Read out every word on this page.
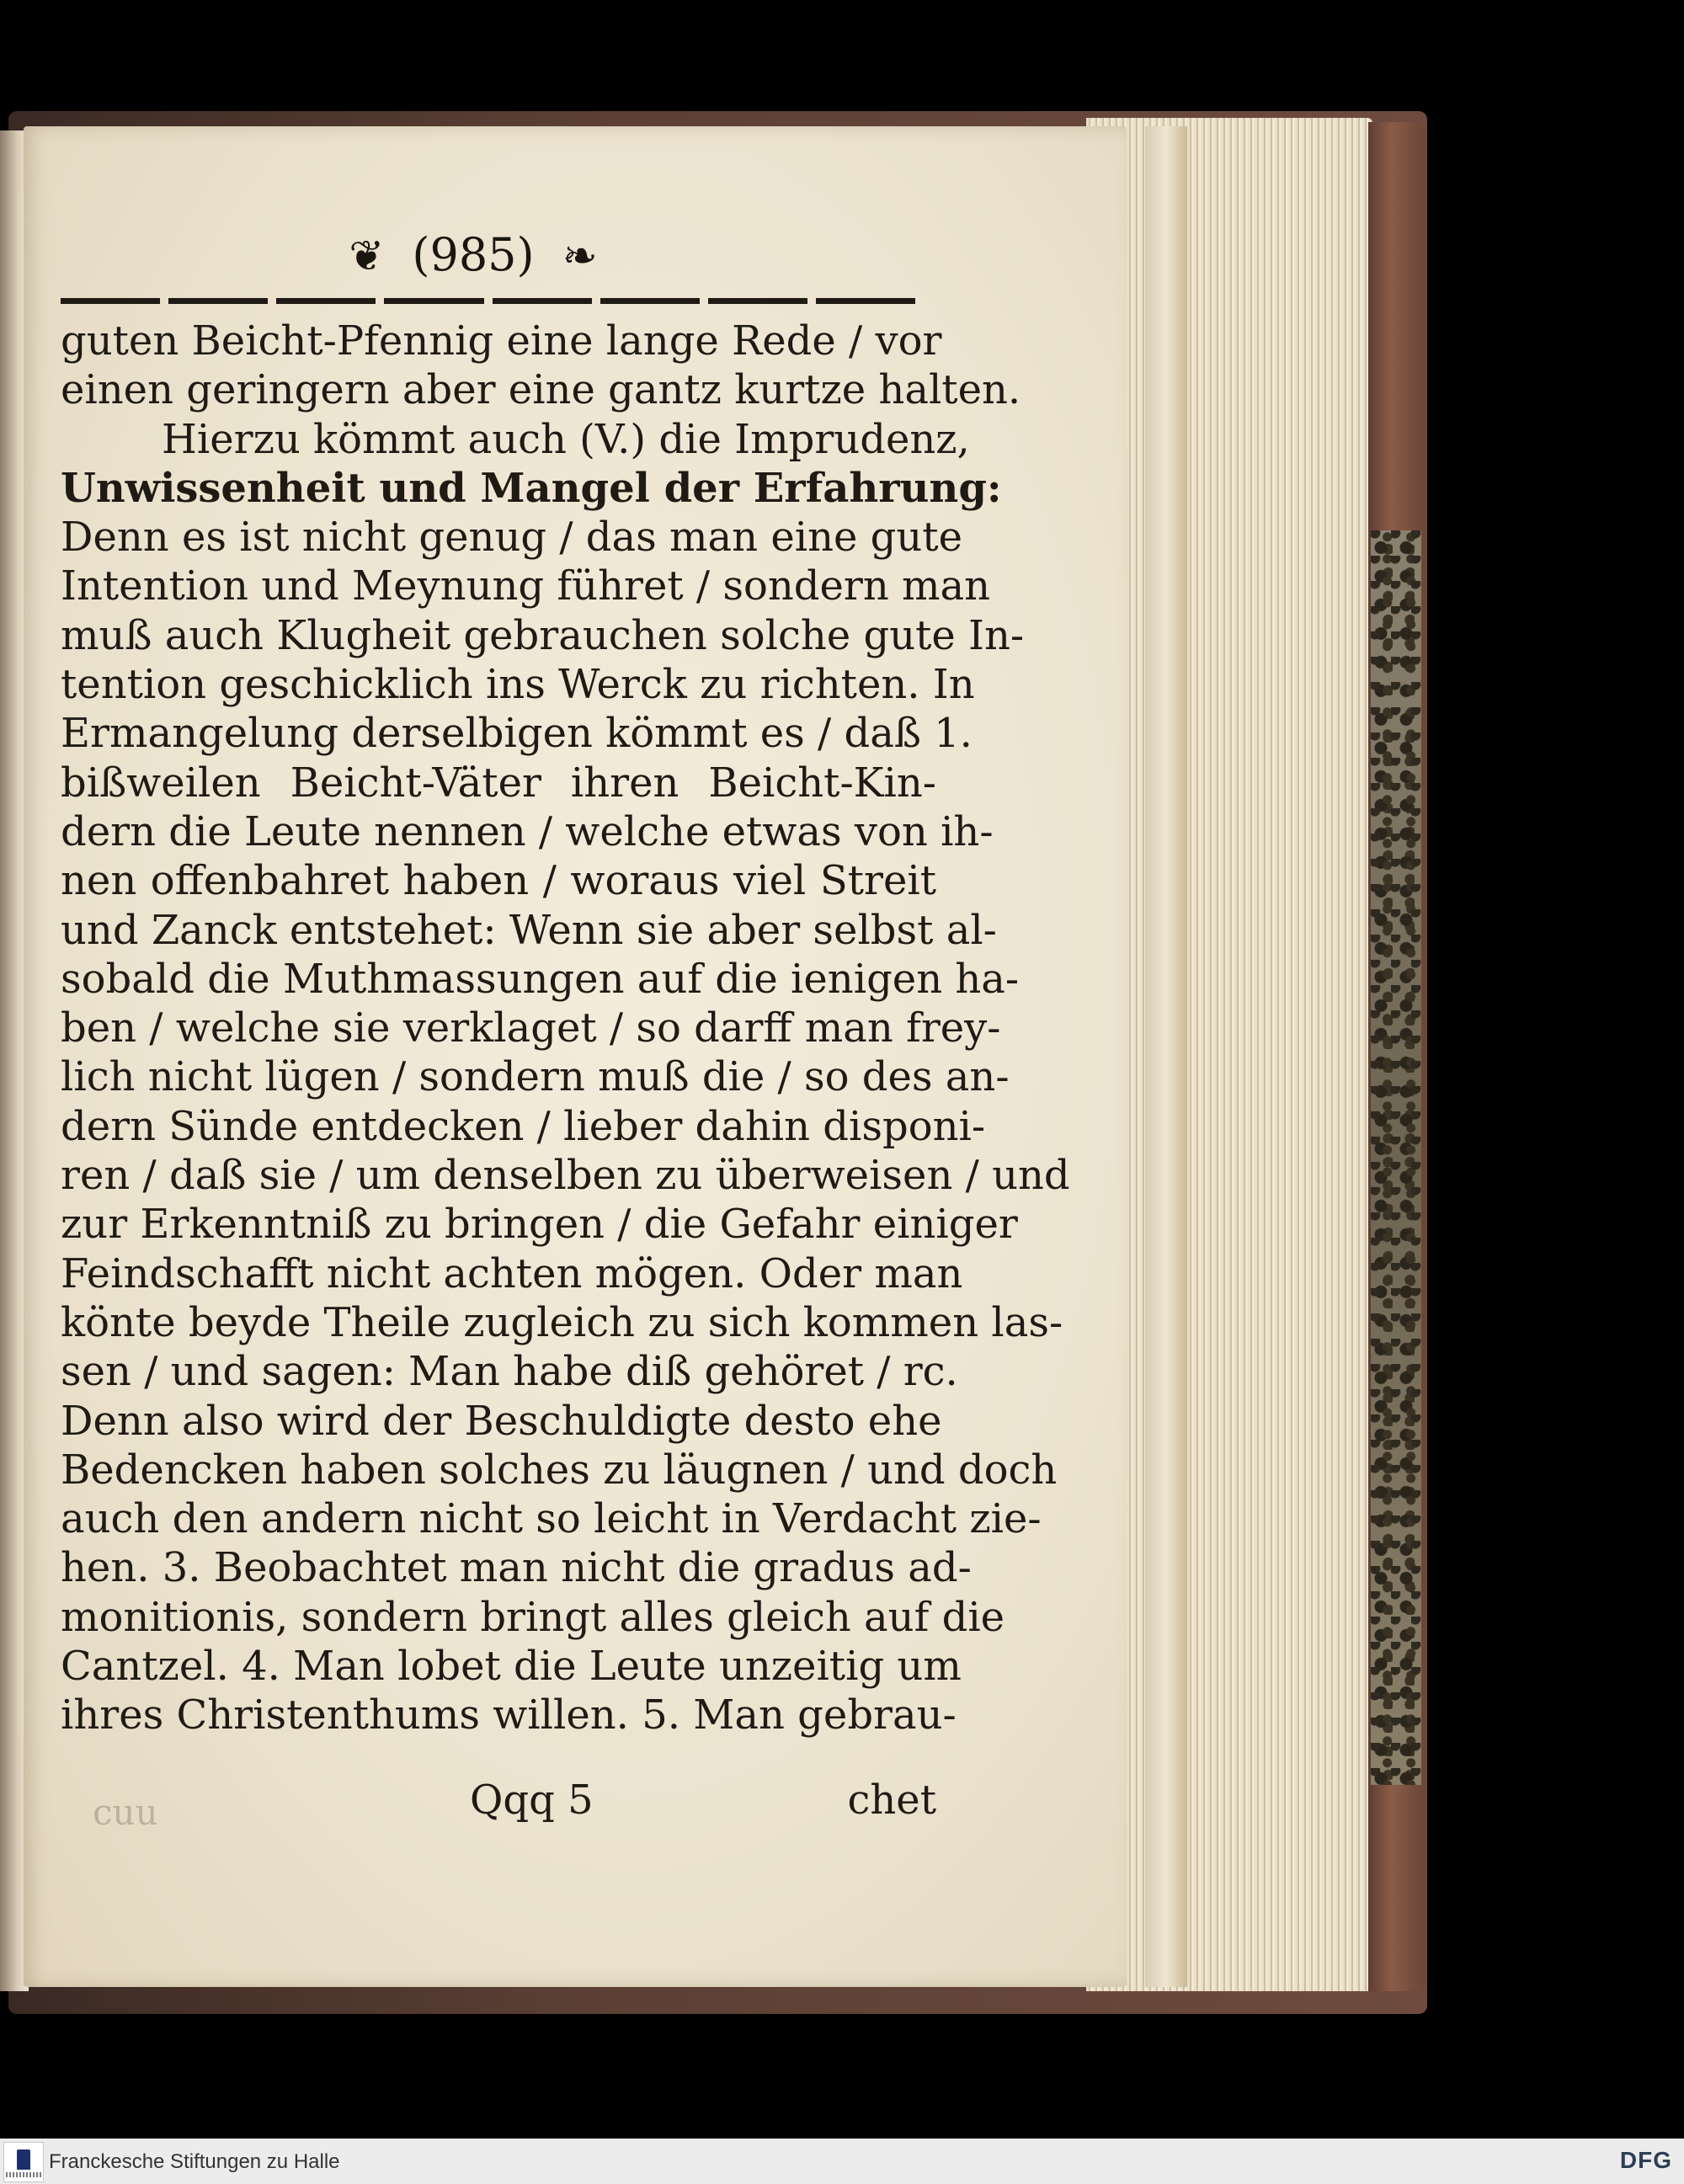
❦ (985) ❧
guten Beicht-Pfennig eine lange Rede / vor
einen geringern aber eine gantz kurtze halten.
Hierzu kömmt auch (V.) die Imprudenz,
Unwissenheit und Mangel der Erfahrung:
Denn es ist nicht genug / das man eine gute
Intention und Meynung führet / sondern man
muß auch Klugheit gebrauchen solche gute In-
tention geschicklich ins Werck zu richten. In
Ermangelung derselbigen kömmt es / daß 1.
bißweilen Beicht-Väter ihren Beicht-Kin-
dern die Leute nennen / welche etwas von ih-
nen offenbahret haben / woraus viel Streit
und Zanck entstehet: Wenn sie aber selbst al-
sobald die Muthmassungen auf die ienigen ha-
ben / welche sie verklaget / so darff man frey-
lich nicht lügen / sondern muß die / so des an-
dern Sünde entdecken / lieber dahin disponi-
ren / daß sie / um denselben zu überweisen / und
zur Erkenntniß zu bringen / die Gefahr einiger
Feindschafft nicht achten mögen. Oder man
könte beyde Theile zugleich zu sich kommen las-
sen / und sagen: Man habe diß gehöret / rc.
Denn also wird der Beschuldigte desto ehe
Bedencken haben solches zu läugnen / und doch
auch den andern nicht so leicht in Verdacht zie-
hen. 3. Beobachtet man nicht die gradus ad-
monitionis, sondern bringt alles gleich auf die
Cantzel. 4. Man lobet die Leute unzeitig um
ihres Christenthums willen. 5. Man gebrau-
cuu	Qqq 5	chet
Franckesche Stiftungen zu Halle	DFG
